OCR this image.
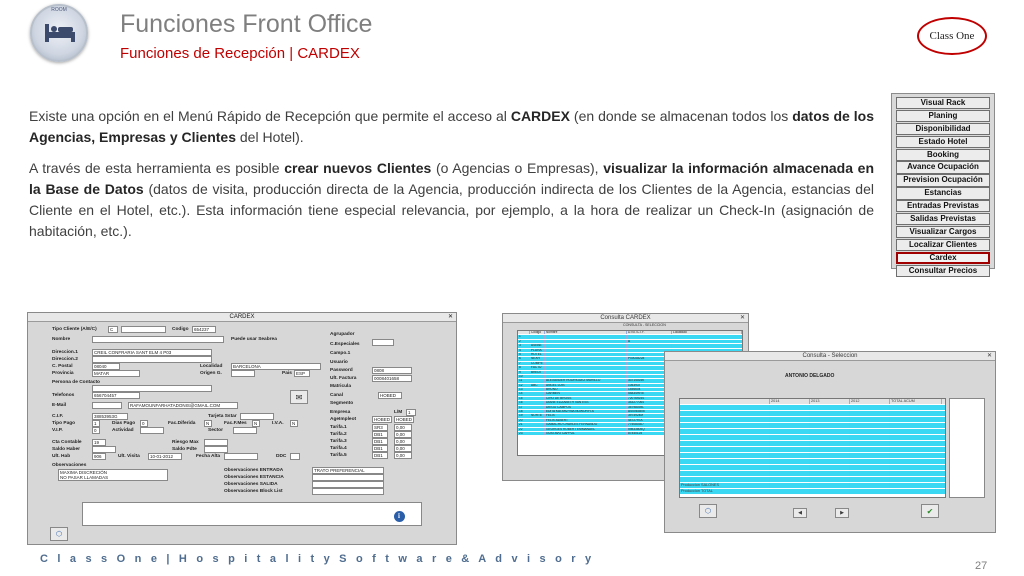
ROOM	Funciones Front Office
Funciones de Recepción | CARDEX
Class One

Existe una opción en el Menú Rápido de Recepción que permite el acceso al CARDEX (en donde se almacenan todos los datos de los Agencias, Empresas y Clientes del Hotel).

A través de esta herramienta es posible crear nuevos Clientes (o Agencias o Empresas), visualizar la información almacenada en la Base de Datos (datos de visita, producción directa de la Agencia, producción indirecta de los Clientes de la Agencia, estancias del Cliente en el Hotel, etc.). Esta información tiene especial relevancia, por ejemplo, a la hora de realizar un Check-In (asignación de habitación, etc.).

Visual Rack
Planing
Disponibilidad
Estado Hotel
Booking
Avance Ocupación
Prevision Ocupación
Estancias
Entradas Previstas
Salidas Previstas
Visualizar Cargos
Localizar Clientes
Cardex
Consultar Precios
CARDEX	✕
Tipo Cliente (A/E/C)	C	Codigo	654237
Nombre	Puede usar Seabrea
Direccion.1	CREIL CONFRARIA SANT ELM 4 P03
Direccion.2
C. Postal	08040	Localidad	BARCELONA
Provincia	MATAR	Origen G.	Pais ESP
Persona de Contacto
Telefonos	656704457
E-Mail	RAFAMOUNFARHATADONIS@GMAIL.COM
✉
C.I.F.	38853953G	Tarjeta Sstar
Tipo Pago	1	Dias Pago	0	Fac.Diferida	N	Fac.F.Mes	N	I.V.A.	N
V.I.P.	0	Actividad	Sector
Cta Contable	19	Riesgo Max
Saldo Haber	Saldo Pdte
Ult. Hab	906	Ult. Visita	10-01-2012	Fecha Alta	DDC
Observaciones
MAXIMA DISCRECIÓN
NO PASAR LLAMADAS
Observaciones ENTRADA	TRATO PREFERENCIAL
Observaciones ESTANCIA
Observaciones SALIDA
Observaciones Block List
Agrupador
C.Especiales
Campo.1
Usuario
Password	0808
Ult. Factura	0008401658
Matricula
Canal	HOBED
Segmento
Empresa	L/M	1
AgeImpleot	HOBED	HOBED
Tarifa.1	SR3	0,00
Tarifa.2	DB1	0,00
Tarifa.3	DB1	0,00
Tarifa.4	DB1	0,00
Tarifa.5	DB1	0,00
⬡
i
Consulta CARDEX	✕
CONSULTA - SELECCION
Codigo	Nombre	D.N.I./C.I.F.	Localidad
1
2	A
3	ASEBE
4	PLURA
5	HOTEL
6	NEXH	P00028228
7	COMPE
8	FACTU
9	BREDI
10
11	ALEXANDER RODRIGUEZ MURILLO	33714024K
12	ABC	ANGEL LUIS	105393T
13	BRUNO	1456604
14	CARMEN	54834997E
15	CIRO DE BROSS	72076924S
16	DIANE ELIZABETH VAN ESS	343277064
17	DIEGO CAMPOS	35798039L
18	EDITA KATARZYNA NOWORYTA	AS0063505
19	NORTE	FELIX	3974924M
20	FELIX ALBERT	4472797A
21	GAMACHO CHARLES FERNANDO	775080307
22	GEORGES ROBERT EMMANUEL	59833805Q
23	GUSTAVO CAPPUL	87440125
Consulta - Seleccion	✕
ANTONIO DELGADO
2014	2013	2012	TOTAL ACUM
Produccion SALONES
Produccion TOTAL
⬡	◀	▶	✔
C l a s s O n e | H o s p i t a l i t y S o f t w a r e & A d v i s o r y
27
